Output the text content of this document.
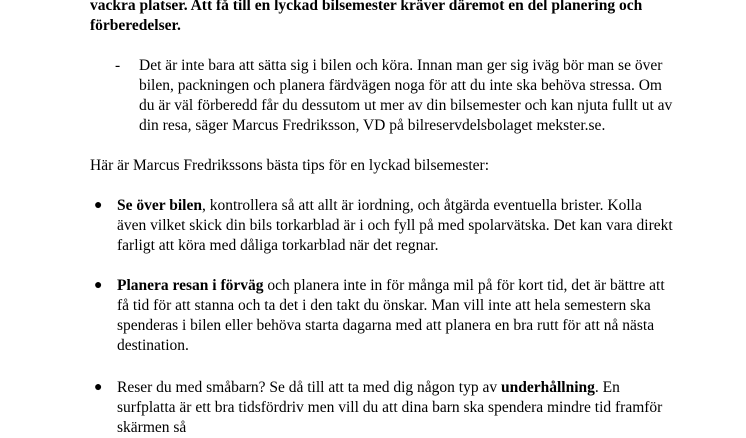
vackra platser. Att få till en lyckad bilsemester kräver däremot en del planering och förberedelser.

- Det är inte bara att sätta sig i bilen och köra. Innan man ger sig iväg bör man se över bilen, packningen och planera färdvägen noga för att du inte ska behöva stressa. Om du är väl förberedd får du dessutom ut mer av din bilsemester och kan njuta fullt ut av din resa, säger Marcus Fredriksson, VD på bilreservdelsbolaget mekster.se.

Här är Marcus Fredrikssons bästa tips för en lyckad bilsemester:

● Se över bilen, kontrollera så att allt är iordning, och åtgärda eventuella brister. Kolla även vilket skick din bils torkarblad är i och fyll på med spolarvätska. Det kan vara direkt farligt att köra med dåliga torkarblad när det regnar.
● Planera resan i förväg och planera inte in för många mil på för kort tid, det är bättre att få tid för att stanna och ta det i den takt du önskar. Man vill inte att hela semestern ska spenderas i bilen eller behöva starta dagarna med att planera en bra rutt för att nå nästa destination.
● Reser du med småbarn? Se då till att ta med dig någon typ av underhållning. En surfplatta är ett bra tidsfördriv men vill du att dina barn ska spendera mindre tid framför skärmen så
